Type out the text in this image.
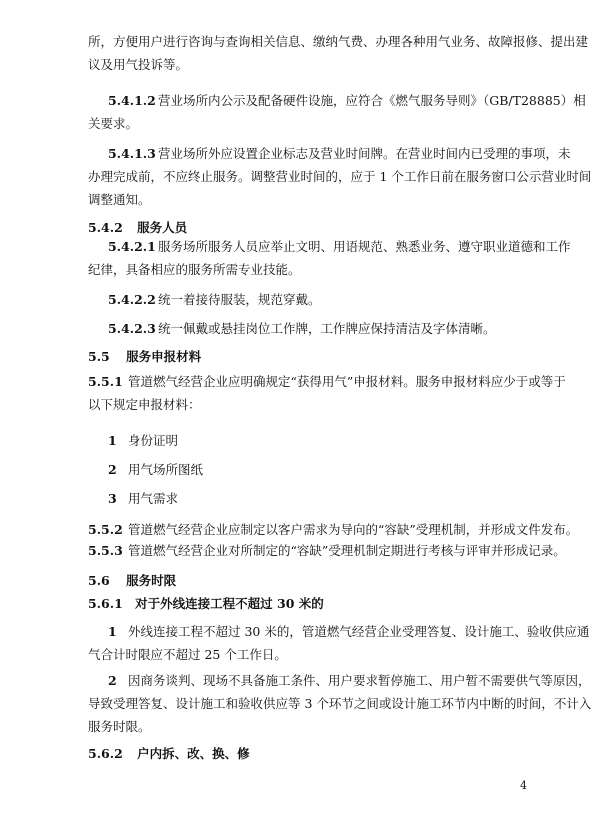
所，方便用户进行咨询与查询相关信息、缴纳气费、办理各种用气业务、故障报修、提出建
议及用气投诉等。
5.4.1.2 营业场所内公示及配备硬件设施，应符合《燃气服务导则》（GB/T28885）相
关要求。
5.4.1.3 营业场所外应设置企业标志及营业时间牌。在营业时间内已受理的事项，未
办理完成前，不应终止服务。调整营业时间的，应于 1 个工作日前在服务窗口公示营业时间
调整通知。
5.4.2 服务人员
5.4.2.1 服务场所服务人员应举止文明、用语规范、熟悉业务、遵守职业道德和工作
纪律，具备相应的服务所需专业技能。
5.4.2.2 统一着接待服装，规范穿戴。
5.4.2.3 统一佩戴或悬挂岗位工作牌，工作牌应保持清洁及字体清晰。
5.5 服务申报材料
5.5.1 管道燃气经营企业应明确规定“获得用气”申报材料。服务申报材料应少于或等于
以下规定申报材料：
1 身份证明
2 用气场所图纸
3 用气需求
5.5.2 管道燃气经营企业应制定以客户需求为导向的“容缺”受理机制，并形成文件发布。
5.5.3 管道燃气经营企业对所制定的“容缺”受理机制定期进行考核与评审并形成记录。
5.6 服务时限
5.6.1 对于外线连接工程不超过 30 米的
1 外线连接工程不超过 30 米的，管道燃气经营企业受理答复、设计施工、验收供应通
气合计时限应不超过 25 个工作日。
2 因商务谈判、现场不具备施工条件、用户要求暂停施工、用户暂不需要供气等原因，
导致受理答复、设计施工和验收供应等 3 个环节之间或设计施工环节内中断的时间，不计入
服务时限。
5.6.2 户内拆、改、换、修
4
